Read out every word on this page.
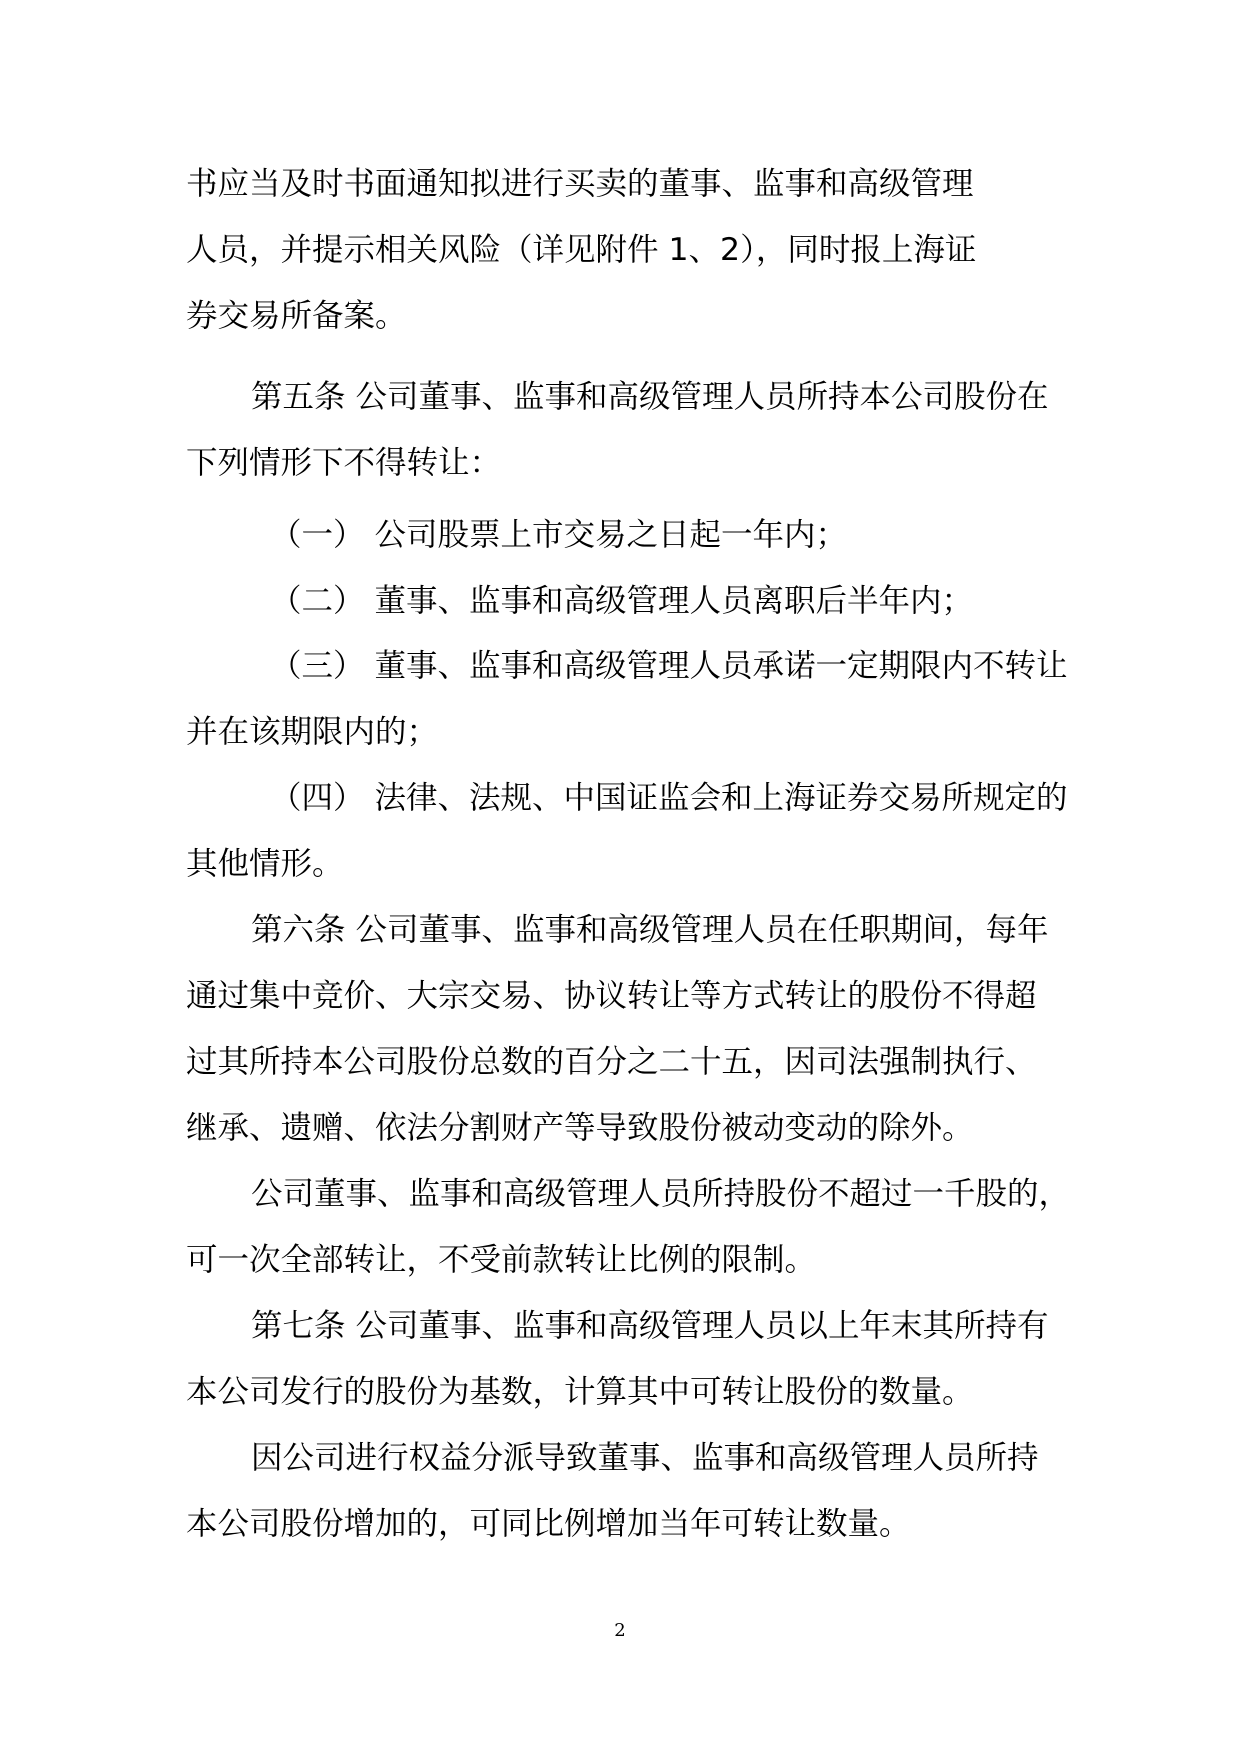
书应当及时书面通知拟进行买卖的董事、监事和高级管理
人员，并提示相关风险（详见附件 1、2），同时报上海证
券交易所备案。
第五条 公司董事、监事和高级管理人员所持本公司股份在
下列情形下不得转让：
（一） 公司股票上市交易之日起一年内；
（二） 董事、监事和高级管理人员离职后半年内；
（三） 董事、监事和高级管理人员承诺一定期限内不转让
并在该期限内的；
（四） 法律、法规、中国证监会和上海证券交易所规定的
其他情形。
第六条 公司董事、监事和高级管理人员在任职期间，每年
通过集中竞价、大宗交易、协议转让等方式转让的股份不得超
过其所持本公司股份总数的百分之二十五，因司法强制执行、
继承、遗赠、依法分割财产等导致股份被动变动的除外。
公司董事、监事和高级管理人员所持股份不超过一千股的，
可一次全部转让，不受前款转让比例的限制。
第七条 公司董事、监事和高级管理人员以上年末其所持有
本公司发行的股份为基数，计算其中可转让股份的数量。
因公司进行权益分派导致董事、监事和高级管理人员所持
本公司股份增加的，可同比例增加当年可转让数量。
2
